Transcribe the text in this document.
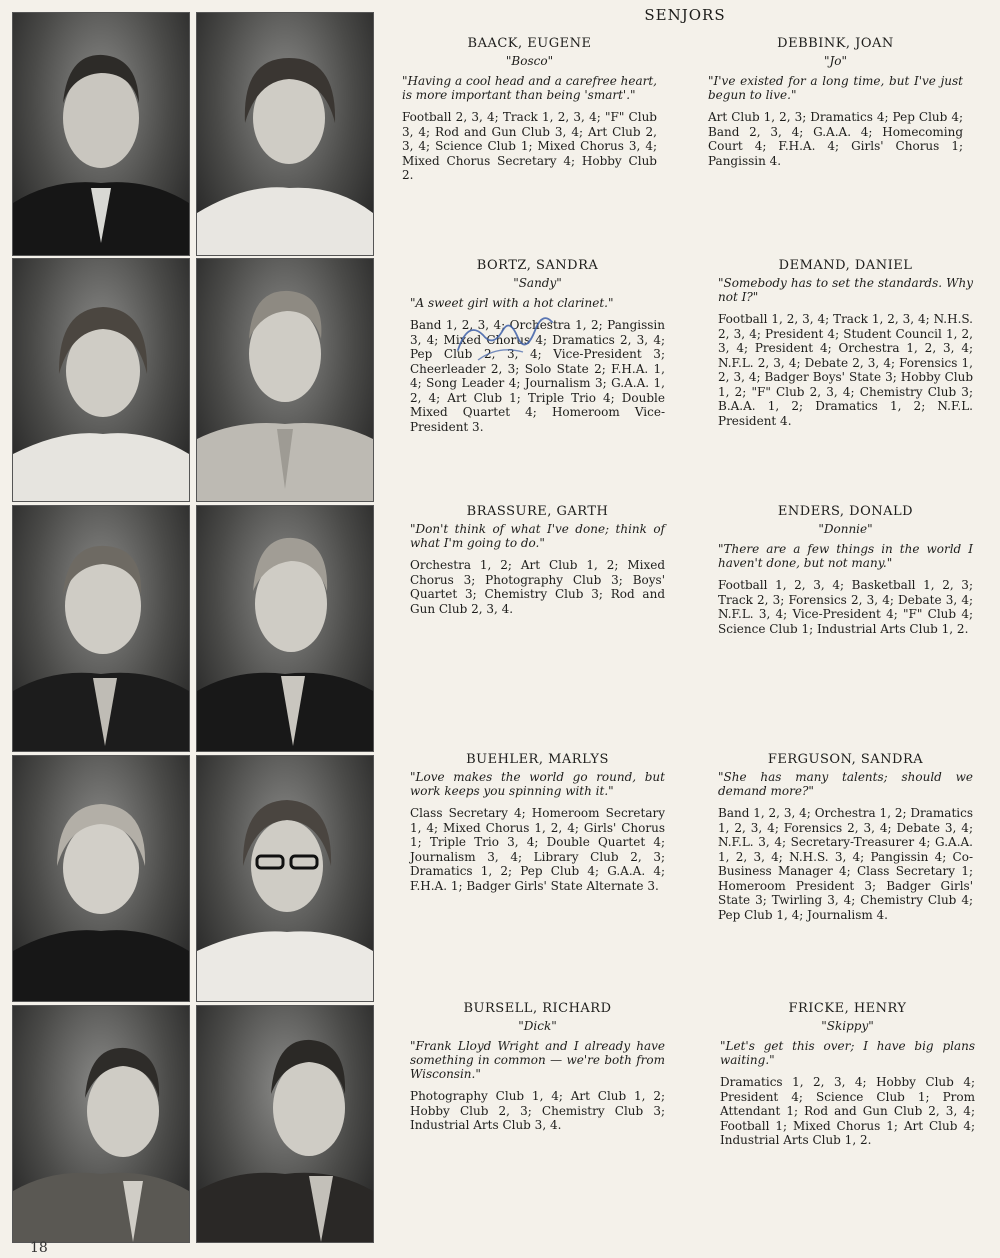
SENJORS

BAACK, EUGENE

"Bosco"

"Having a cool head and a carefree heart, is more important than being 'smart'."

Football 2, 3, 4; Track 1, 2, 3, 4; "F" Club 3, 4; Rod and Gun Club 3, 4; Art Club 2, 3, 4; Science Club 1; Mixed Chorus 3, 4; Mixed Chorus Secretary 4; Hobby Club 2.

DEBBINK, JOAN

"Jo"

"I've existed for a long time, but I've just begun to live."

Art Club 1, 2, 3; Dramatics 4; Pep Club 4; Band 2, 3, 4; G.A.A. 4; Homecoming Court 4; F.H.A. 4; Girls' Chorus 1; Pangissin 4.

BORTZ, SANDRA

"Sandy"

"A sweet girl with a hot clarinet."

Band 1, 2, 3, 4; Orchestra 1, 2; Pangissin 3, 4; Mixed Chorus 4; Dramatics 2, 3, 4; Pep Club 2, 3, 4; Vice-President 3; Cheerleader 2, 3; Solo State 2; F.H.A. 1, 4; Song Leader 4; Journalism 3; G.A.A. 1, 2, 4; Art Club 1; Triple Trio 4; Double Mixed Quartet 4; Homeroom Vice-President 3.

DEMAND, DANIEL

"Somebody has to set the standards. Why not I?"

Football 1, 2, 3, 4; Track 1, 2, 3, 4; N.H.S. 2, 3, 4; President 4; Student Council 1, 2, 3, 4; President 4; Orchestra 1, 2, 3, 4; N.F.L. 2, 3, 4; Debate 2, 3, 4; Forensics 1, 2, 3, 4; Badger Boys' State 3; Hobby Club 1, 2; "F" Club 2, 3, 4; Chemistry Club 3; B.A.A. 1, 2; Dramatics 1, 2; N.F.L. President 4.

BRASSURE, GARTH

"Don't think of what I've done; think of what I'm going to do."

Orchestra 1, 2; Art Club 1, 2; Mixed Chorus 3; Photography Club 3; Boys' Quartet 3; Chemistry Club 3; Rod and Gun Club 2, 3, 4.

ENDERS, DONALD

"Donnie"

"There are a few things in the world I haven't done, but not many."

Football 1, 2, 3, 4; Basketball 1, 2, 3; Track 2, 3; Forensics 2, 3, 4; Debate 3, 4; N.F.L. 3, 4; Vice-President 4; "F" Club 4; Science Club 1; Industrial Arts Club 1, 2.

BUEHLER, MARLYS

"Love makes the world go round, but work keeps you spinning with it."

Class Secretary 4; Homeroom Secretary 1, 4; Mixed Chorus 1, 2, 4; Girls' Chorus 1; Triple Trio 3, 4; Double Quartet 4; Journalism 3, 4; Library Club 2, 3; Dramatics 1, 2; Pep Club 4; G.A.A. 4; F.H.A. 1; Badger Girls' State Alternate 3.

FERGUSON, SANDRA

"She has many talents; should we demand more?"

Band 1, 2, 3, 4; Orchestra 1, 2; Dramatics 1, 2, 3, 4; Forensics 2, 3, 4; Debate 3, 4; N.F.L. 3, 4; Secretary-Treasurer 4; G.A.A. 1, 2, 3, 4; N.H.S. 3, 4; Pangissin 4; Co-Business Manager 4; Class Secretary 1; Homeroom President 3; Badger Girls' State 3; Twirling 3, 4; Chemistry Club 4; Pep Club 1, 4; Journalism 4.

BURSELL, RICHARD

"Dick"

"Frank Lloyd Wright and I already have something in common — we're both from Wisconsin."

Photography Club 1, 4; Art Club 1, 2; Hobby Club 2, 3; Chemistry Club 3; Industrial Arts Club 3, 4.

FRICKE, HENRY

"Skippy"

"Let's get this over; I have big plans waiting."

Dramatics 1, 2, 3, 4; Hobby Club 4; President 4; Science Club 1; Prom Attendant 1; Rod and Gun Club 2, 3, 4; Football 1; Mixed Chorus 1; Art Club 4; Industrial Arts Club 1, 2.

18
